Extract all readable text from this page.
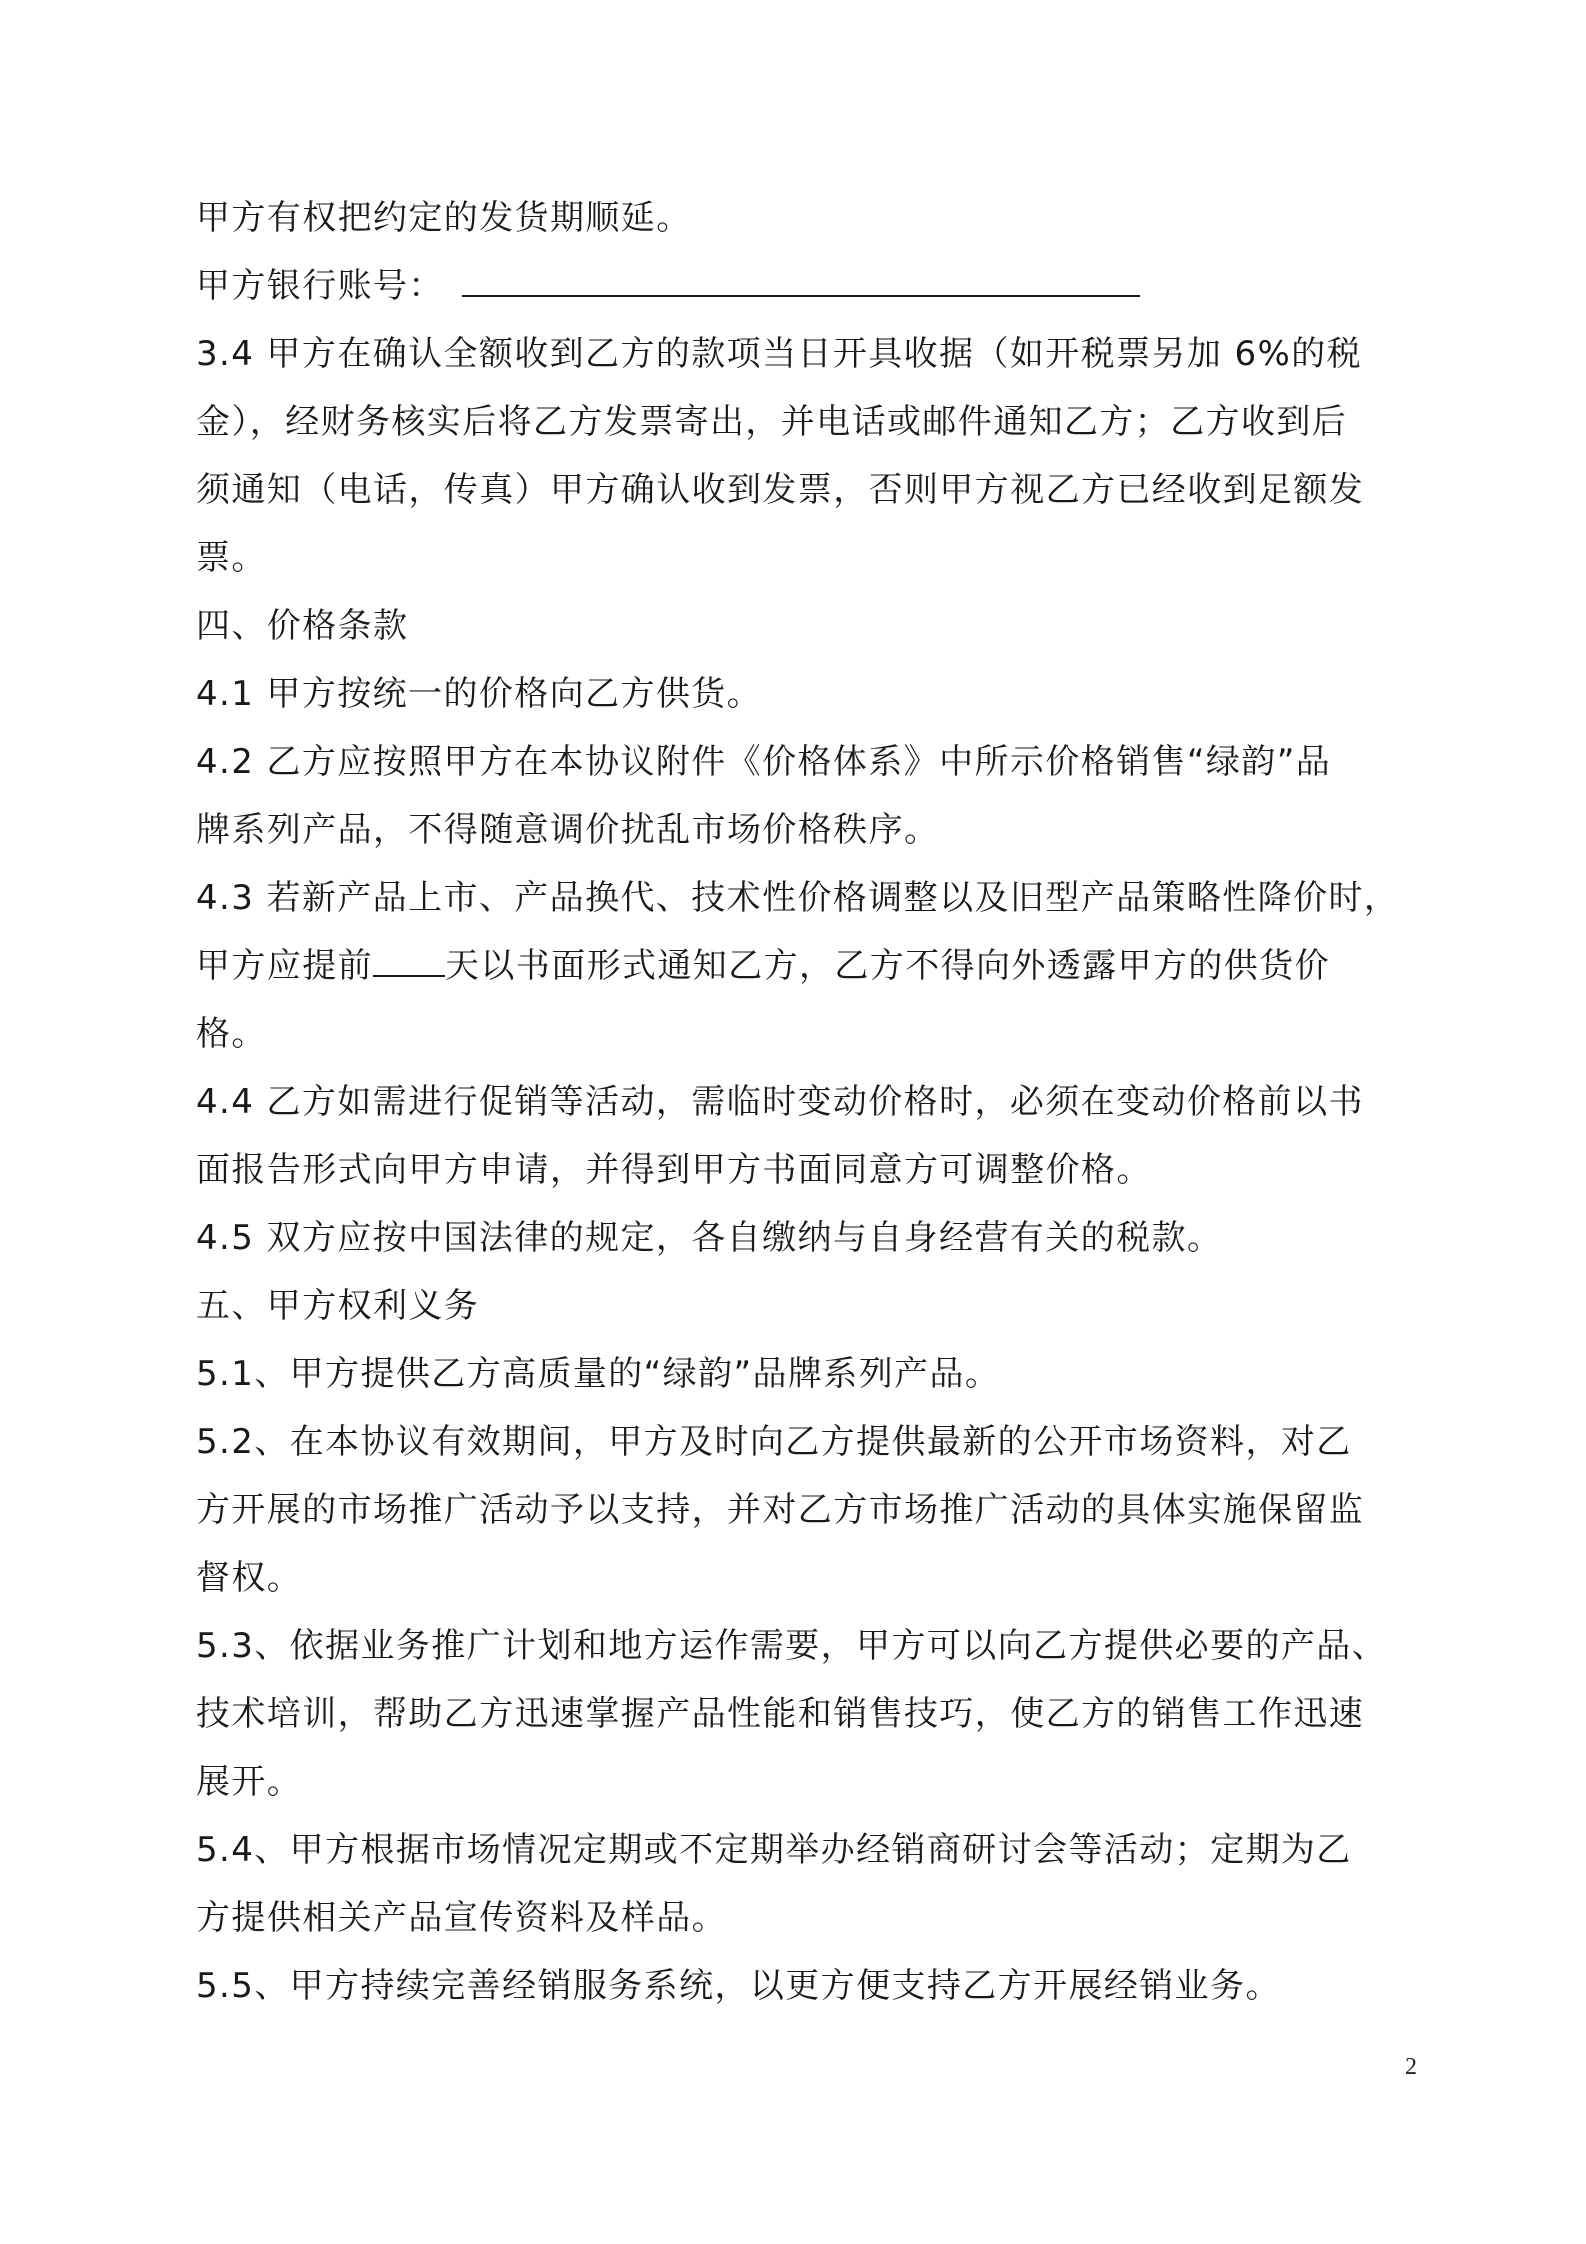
甲方有权把约定的发货期顺延。
甲方银行账号：
3.4 甲方在确认全额收到乙方的款项当日开具收据（如开税票另加 6%的税
金），经财务核实后将乙方发票寄出，并电话或邮件通知乙方；乙方收到后
须通知（电话，传真）甲方确认收到发票，否则甲方视乙方已经收到足额发
票。
四、价格条款
4.1 甲方按统一的价格向乙方供货。
4.2 乙方应按照甲方在本协议附件《价格体系》中所示价格销售“绿韵”品
牌系列产品，不得随意调价扰乱市场价格秩序。
4.3 若新产品上市、产品换代、技术性价格调整以及旧型产品策略性降价时，
甲方应提前 天以书面形式通知乙方，乙方不得向外透露甲方的供货价
格。
4.4 乙方如需进行促销等活动，需临时变动价格时，必须在变动价格前以书
面报告形式向甲方申请，并得到甲方书面同意方可调整价格。
4.5 双方应按中国法律的规定，各自缴纳与自身经营有关的税款。
五、甲方权利义务
5.1、甲方提供乙方高质量的“绿韵”品牌系列产品。
5.2、在本协议有效期间，甲方及时向乙方提供最新的公开市场资料，对乙
方开展的市场推广活动予以支持，并对乙方市场推广活动的具体实施保留监
督权。
5.3、依据业务推广计划和地方运作需要，甲方可以向乙方提供必要的产品、
技术培训，帮助乙方迅速掌握产品性能和销售技巧，使乙方的销售工作迅速
展开。
5.4、甲方根据市场情况定期或不定期举办经销商研讨会等活动；定期为乙
方提供相关产品宣传资料及样品。
5.5、甲方持续完善经销服务系统，以更方便支持乙方开展经销业务。
2
